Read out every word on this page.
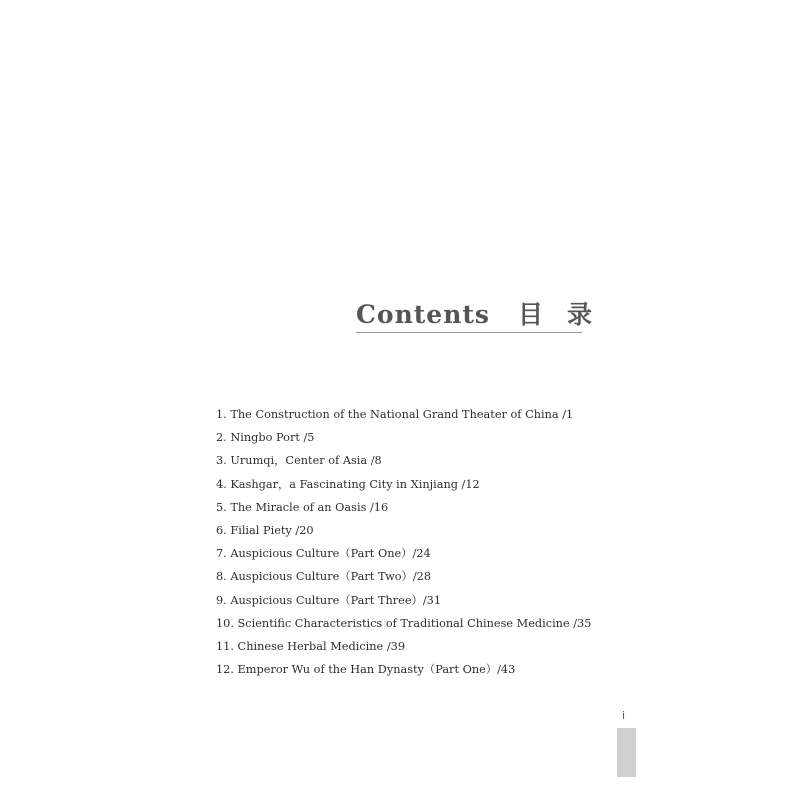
Contents 目录
1. The Construction of the National Grand Theater of China /1
2. Ningbo Port /5
3. Urumqi，Center of Asia /8
4. Kashgar，a Fascinating City in Xinjiang /12
5. The Miracle of an Oasis /16
6. Filial Piety /20
7. Auspicious Culture（Part One）/24
8. Auspicious Culture（Part Two）/28
9. Auspicious Culture（Part Three）/31
10. Scientific Characteristics of Traditional Chinese Medicine /35
11. Chinese Herbal Medicine /39
12. Emperor Wu of the Han Dynasty（Part One）/43
i
